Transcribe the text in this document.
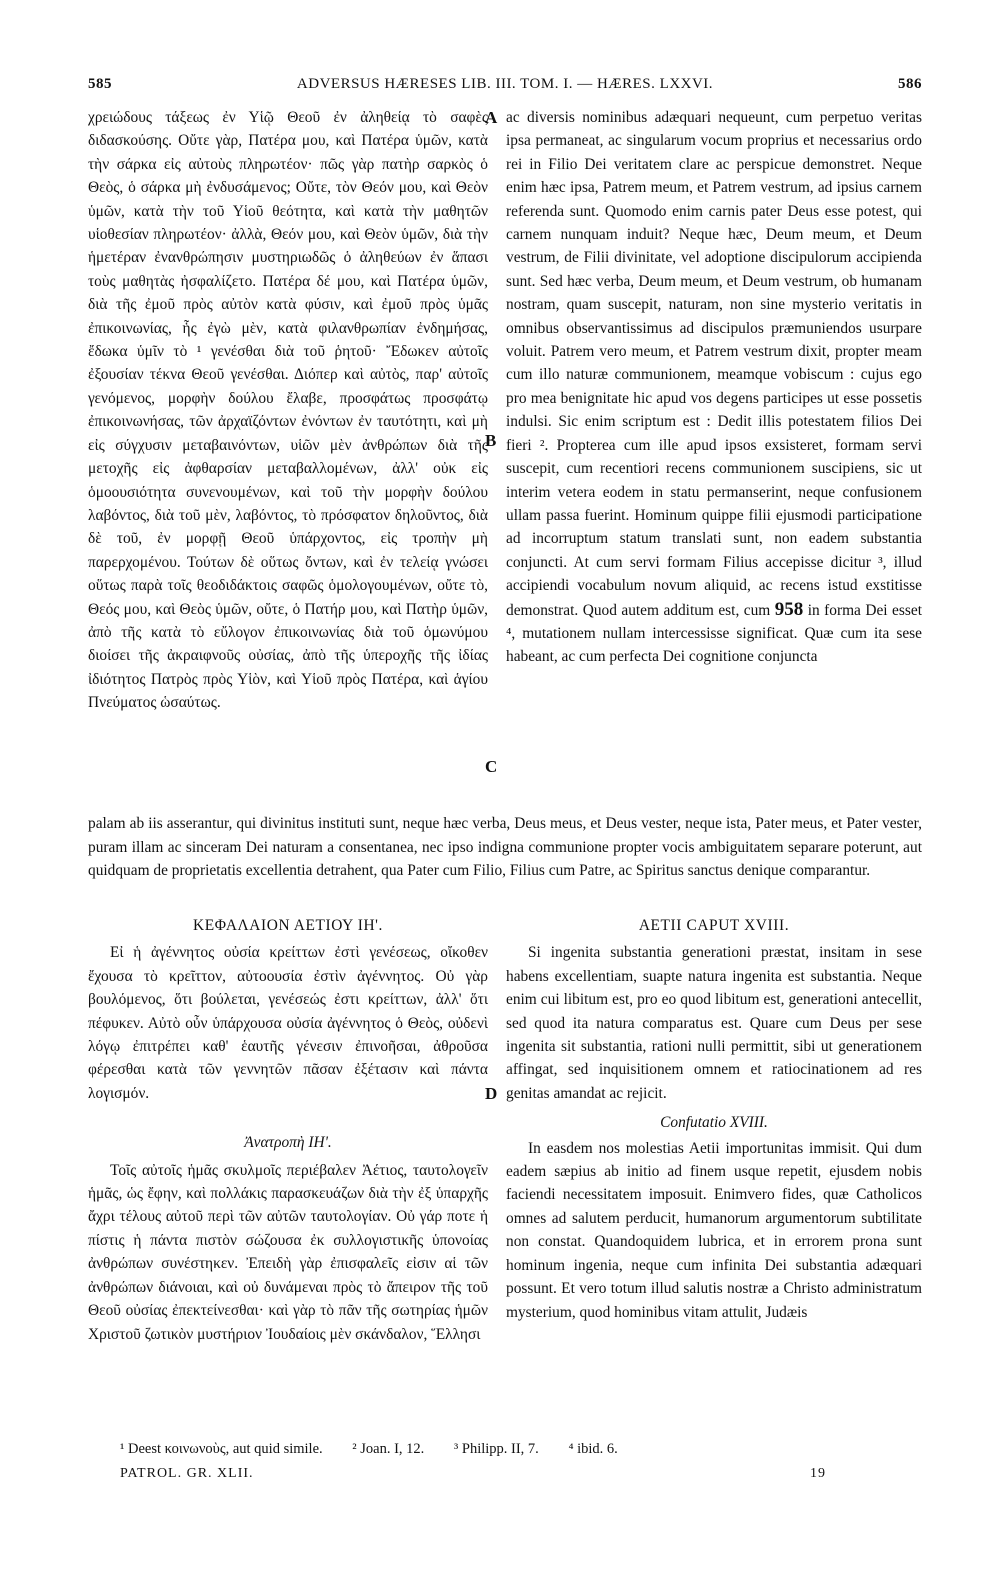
585	ADVERSUS HÆRESES LIB. III. TOM. I. — HÆRES. LXXVI.	586

χρειώδους τάξεως ἐν Υἱῷ Θεοῦ ἐν ἀληθείᾳ τὸ σαφὲς διδασκούσης. Οὔτε γὰρ, Πατέρα μου, καὶ Πατέρα ὑμῶν, κατὰ τὴν σάρκα εἰς αὐτοὺς πληρωτέον· πῶς γὰρ πατὴρ σαρκὸς ὁ Θεὸς, ὁ σάρκα μὴ ἐνδυσάμενος; Οὔτε, τὸν Θεόν μου, καὶ Θεὸν ὑμῶν, κατὰ τὴν τοῦ Υἱοῦ θεότητα, καὶ κατὰ τὴν μαθητῶν υἱοθεσίαν πληρωτέον· ἀλλὰ, Θεόν μου, καὶ Θεὸν ὑμῶν, διὰ τὴν ἡμετέραν ἐνανθρώπησιν μυστηριωδῶς ὁ ἀληθεύων ἐν ἅπασι τοὺς μαθητὰς ἠσφαλίζετο. Πατέρα δέ μου, καὶ Πατέρα ὑμῶν, διὰ τῆς ἐμοῦ πρὸς αὐτὸν κατὰ φύσιν, καὶ ἐμοῦ πρὸς ὑμᾶς ἐπικοινωνίας, ἧς ἐγὼ μὲν, κατὰ φιλανθρωπίαν ἐνδημήσας, ἔδωκα ὑμῖν τὸ ¹ γενέσθαι διὰ τοῦ ῥητοῦ· Ἔδωκεν αὐτοῖς ἐξουσίαν τέκνα Θεοῦ γενέσθαι. Διόπερ καὶ αὐτὸς, παρ' αὐτοῖς γενόμενος, μορφὴν δούλου ἔλαβε, προσφάτως προσφάτῳ ἐπικοινωνήσας, τῶν ἀρχαϊζόντων ἐνόντων ἐν ταυτότητι, καὶ μὴ εἰς σύγχυσιν μεταβαινόντων, υἱῶν μὲν ἀνθρώπων διὰ τῆς μετοχῆς εἰς ἀφθαρσίαν μεταβαλλομένων, ἀλλ' οὐκ εἰς ὁμοουσιότητα συνενουμένων, καὶ τοῦ τὴν μορφὴν δούλου λαβόντος, διὰ τοῦ μὲν, λαβόντος, τὸ πρόσφατον δηλοῦντος, διὰ δὲ τοῦ, ἐν μορφῇ Θεοῦ ὑπάρχοντος, εἰς τροπὴν μὴ παρερχομένου. Τούτων δὲ οὕτως ὄντων, καὶ ἐν τελείᾳ γνώσει οὕτως παρὰ τοῖς θεοδιδάκτοις σαφῶς ὁμολογουμένων, οὔτε τὸ, Θεός μου, καὶ Θεὸς ὑμῶν, οὔτε, ὁ Πατήρ μου, καὶ Πατὴρ ὑμῶν, ἀπὸ τῆς κατὰ τὸ εὔλογον ἐπικοινωνίας διὰ τοῦ ὁμωνύμου διοίσει τῆς ἀκραιφνοῦς οὐσίας, ἀπὸ τῆς ὑπεροχῆς τῆς ἰδίας ἰδιότητος Πατρὸς πρὸς Υἱὸν, καὶ Υἱοῦ πρὸς Πατέρα, καὶ ἁγίου Πνεύματος ὡσαύτως.

A
B
C

ac diversis nominibus adæquari nequeunt, cum perpetuo veritas ipsa permaneat, ac singularum vocum proprius et necessarius ordo rei in Filio Dei veritatem clare ac perspicue demonstret. Neque enim hæc ipsa, Patrem meum, et Patrem vestrum, ad ipsius carnem referenda sunt. Quomodo enim carnis pater Deus esse potest, qui carnem nunquam induit? Neque hæc, Deum meum, et Deum vestrum, de Filii divinitate, vel adoptione discipulorum accipienda sunt. Sed hæc verba, Deum meum, et Deum vestrum, ob humanam nostram, quam suscepit, naturam, non sine mysterio veritatis in omnibus observantissimus ad discipulos præmuniendos usurpare voluit. Patrem vero meum, et Patrem vestrum dixit, propter meam cum illo naturæ communionem, meamque vobiscum : cujus ego pro mea benignitate hic apud vos degens participes ut esse possetis indulsi. Sic enim scriptum est : Dedit illis potestatem filios Dei fieri ². Propterea cum ille apud ipsos exsisteret, formam servi suscepit, cum recentiori recens communionem suscipiens, sic ut interim vetera eodem in statu permanserint, neque confusionem ullam passa fuerint. Hominum quippe filii ejusmodi participatione ad incorruptum statum translati sunt, non eadem substantia conjuncti. At cum servi formam Filius accepisse dicitur ³, illud accipiendi vocabulum novum aliquid, ac recens istud exstitisse demonstrat. Quod autem additum est, cum 958 in forma Dei esset ⁴, mutationem nullam intercessisse significat. Quæ cum ita sese habeant, ac cum perfecta Dei cognitione conjuncta

palam ab iis asserantur, qui divinitus instituti sunt, neque hæc verba, Deus meus, et Deus vester, neque ista, Pater meus, et Pater vester, puram illam ac sinceram Dei naturam a consentanea, nec ipso indigna communione propter vocis ambiguitatem separare poterunt, aut quidquam de proprietatis excellentia detrahent, qua Pater cum Filio, Filius cum Patre, ac Spiritus sanctus denique comparantur.

ΚΕΦΑΛΑΙΟΝ ΑΕΤΙΟΥ ΙΗ'.

Εἰ ἡ ἀγέννητος οὐσία κρείττων ἐστὶ γενέσεως, οἴκοθεν ἔχουσα τὸ κρεῖττον, αὐτοουσία ἐστὶν ἀγέννητος. Οὐ γὰρ βουλόμενος, ὅτι βούλεται, γενέσεώς ἐστι κρείττων, ἀλλ' ὅτι πέφυκεν. Αὐτὸ οὖν ὑπάρχουσα οὐσία ἀγέννητος ὁ Θεὸς, οὐδενὶ λόγῳ ἐπιτρέπει καθ' ἑαυτῆς γένεσιν ἐπινοῆσαι, ἀθροῦσα φέρεσθαι κατὰ τῶν γεννητῶν πᾶσαν ἐξέτασιν καὶ πάντα λογισμόν.

Ἀνατροπὴ ΙΗ'.

Τοῖς αὐτοῖς ἡμᾶς σκυλμοῖς περιέβαλεν Ἀέτιος, ταυτολογεῖν ἡμᾶς, ὡς ἔφην, καὶ πολλάκις παρασκευάζων διὰ τὴν ἐξ ὑπαρχῆς ἄχρι τέλους αὐτοῦ περὶ τῶν αὐτῶν ταυτολογίαν. Οὐ γάρ ποτε ἡ πίστις ἡ πάντα πιστὸν σώζουσα ἐκ συλλογιστικῆς ὑπονοίας ἀνθρώπων συνέστηκεν. Ἐπειδὴ γὰρ ἐπισφαλεῖς εἰσιν αἱ τῶν ἀνθρώπων διάνοιαι, καὶ οὐ δυνάμεναι πρὸς τὸ ἄπειρον τῆς τοῦ Θεοῦ οὐσίας ἐπεκτείνεσθαι· καὶ γὰρ τὸ πᾶν τῆς σωτηρίας ἡμῶν Χριστοῦ ζωτικὸν μυστήριον Ἰουδαίοις μὲν σκάνδαλον, Ἕλλησι

D

AETII CAPUT XVIII.

Si ingenita substantia generationi præstat, insitam in sese habens excellentiam, suapte natura ingenita est substantia. Neque enim cui libitum est, pro eo quod libitum est, generationi antecellit, sed quod ita natura comparatus est. Quare cum Deus per sese ingenita sit substantia, rationi nulli permittit, sibi ut generationem affingat, sed inquisitionem omnem et ratiocinationem ad res genitas amandat ac rejicit.

Confutatio XVIII.

In easdem nos molestias Aetii importunitas immisit. Qui dum eadem sæpius ab initio ad finem usque repetit, ejusdem nobis faciendi necessitatem imposuit. Enimvero fides, quæ Catholicos omnes ad salutem perducit, humanorum argumentorum subtilitate non constat. Quandoquidem lubrica, et in errorem prona sunt hominum ingenia, neque cum infinita Dei substantia adæquari possunt. Et vero totum illud salutis nostræ a Christo administratum mysterium, quod hominibus vitam attulit, Judæis

¹ Deest κοινωνοὺς, aut quid simile. ² Joan. I, 12. ³ Philipp. II, 7. ⁴ ibid. 6.
PATROL. GR. XLII.	19
